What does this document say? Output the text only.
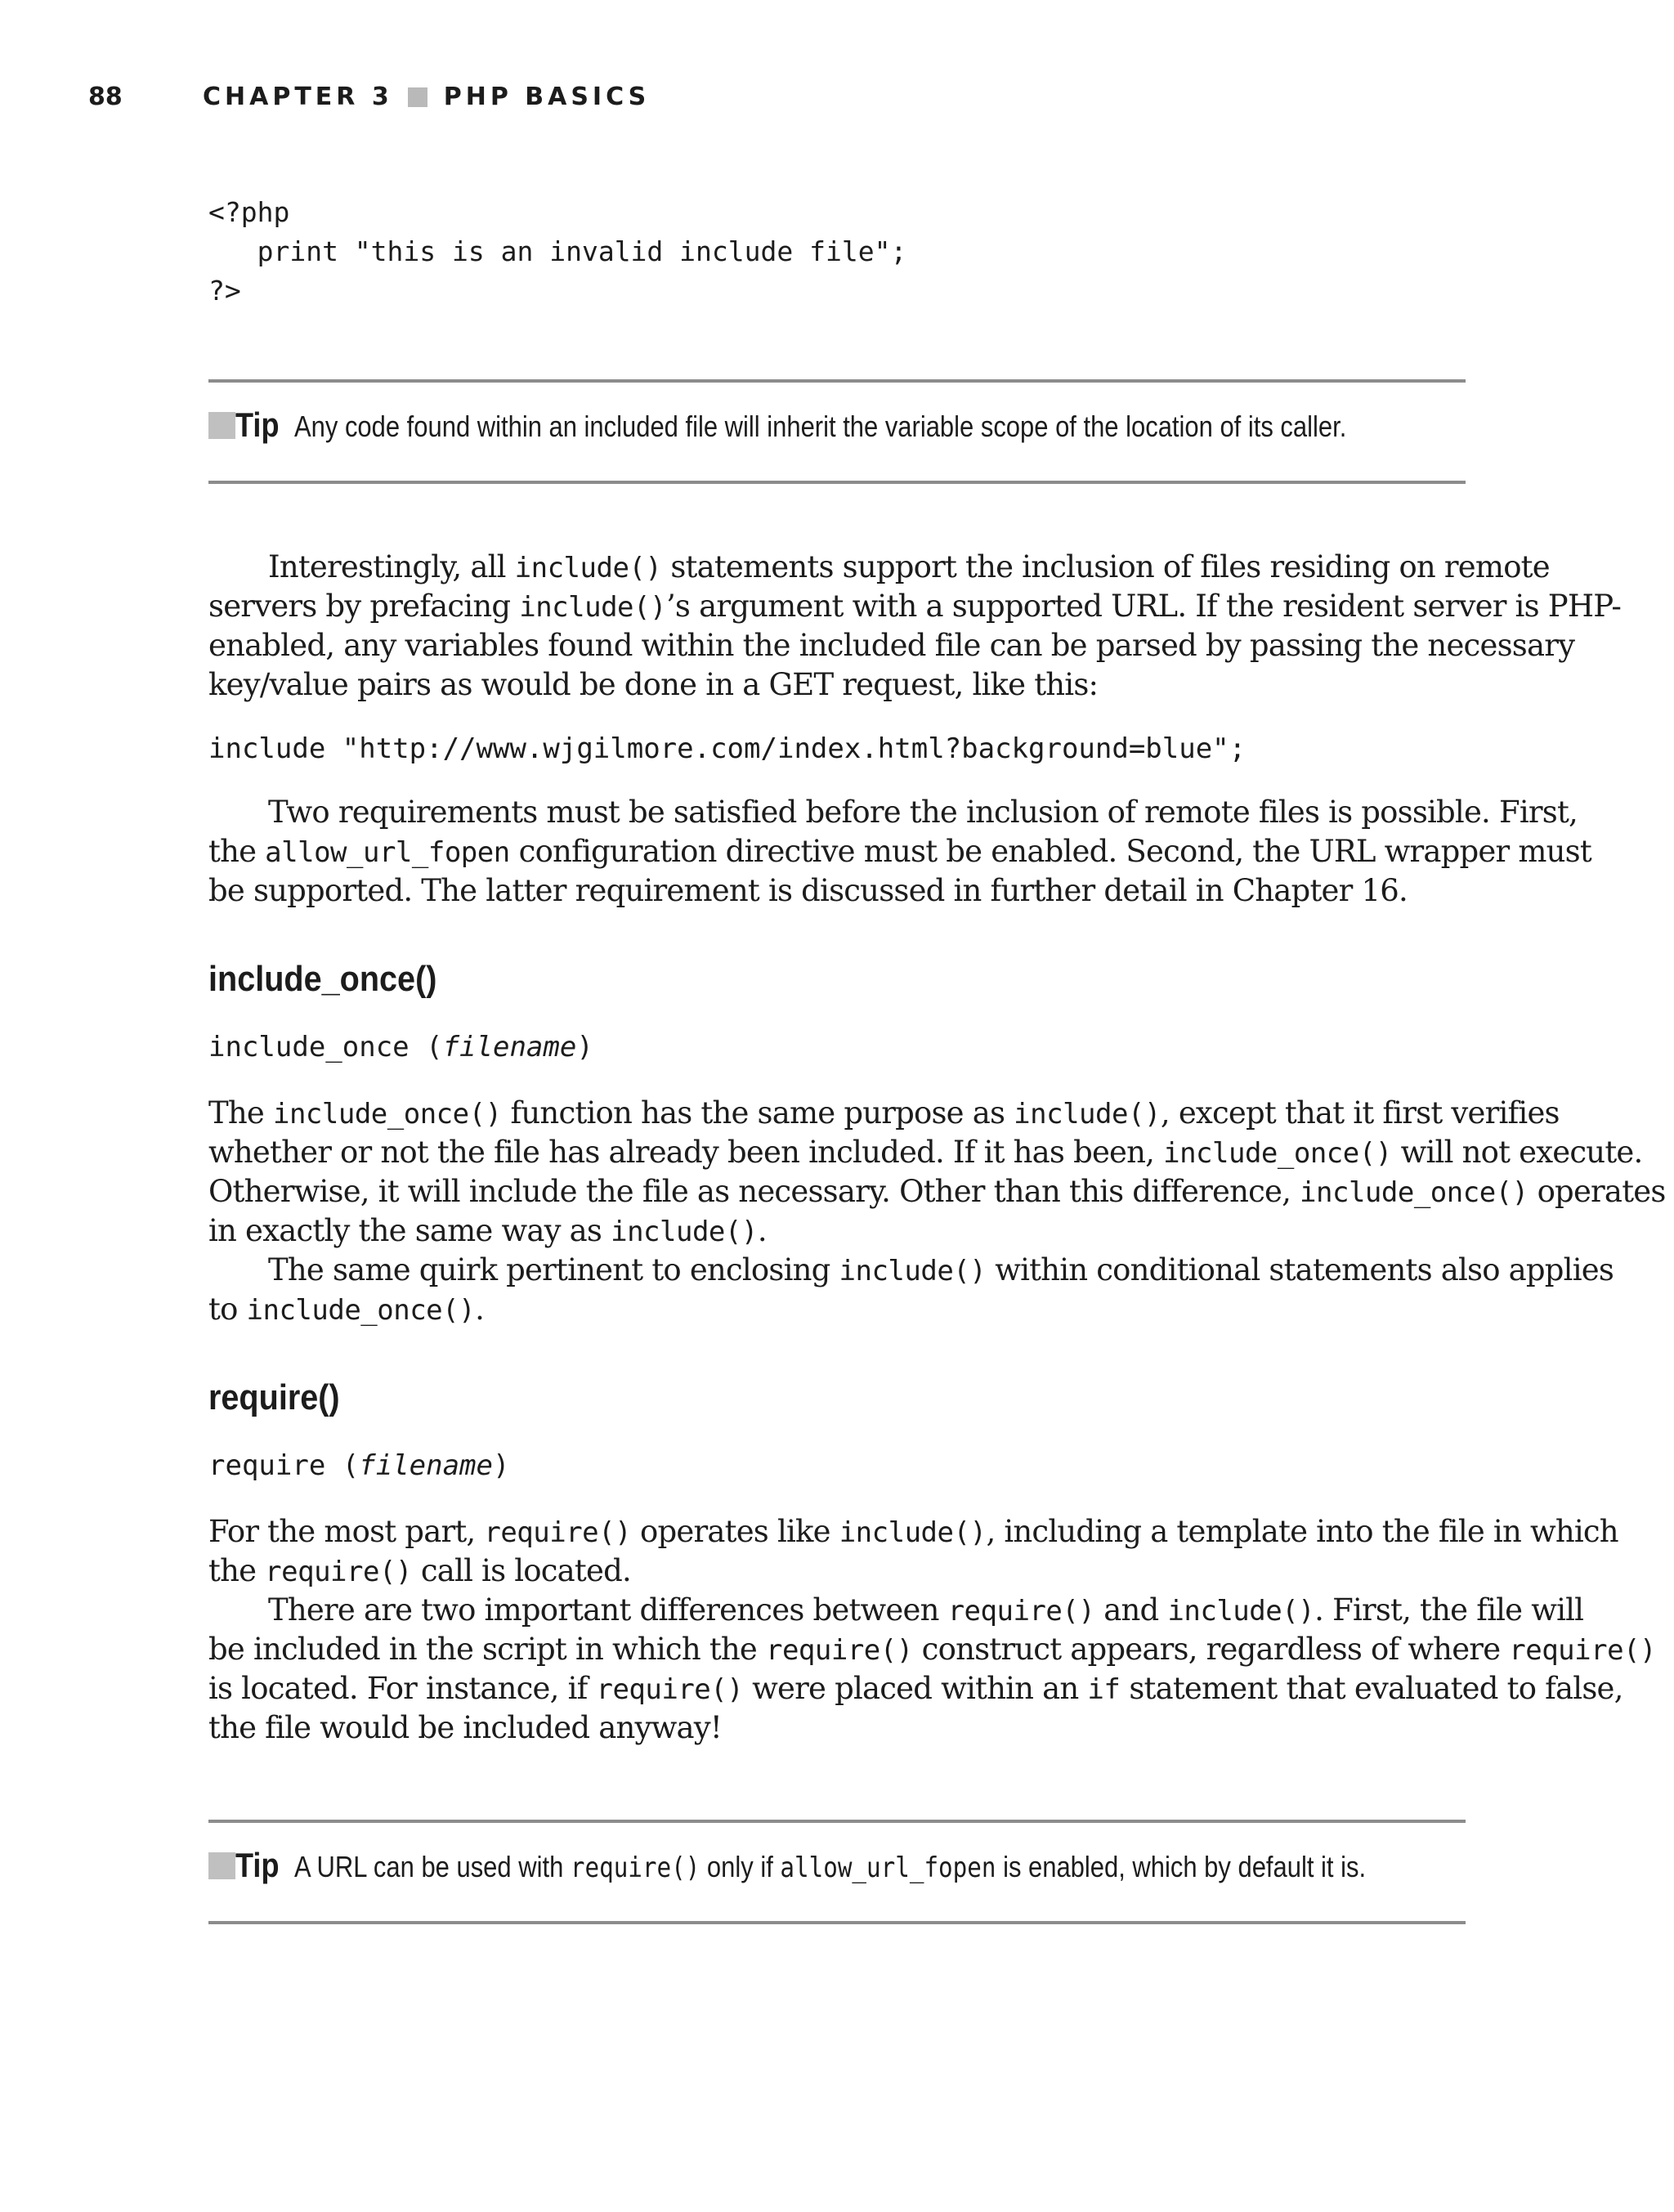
88	CHAPTER 3 PHP BASICS
<?php
print "this is an invalid include file";
?>
Tip Any code found within an included file will inherit the variable scope of the location of its caller.
Interestingly, all include() statements support the inclusion of files residing on remote
servers by prefacing include()’s argument with a supported URL. If the resident server is PHP-
enabled, any variables found within the included file can be parsed by passing the necessary
key/value pairs as would be done in a GET request, like this:
include "http://www.wjgilmore.com/index.html?background=blue";
Two requirements must be satisfied before the inclusion of remote files is possible. First,
the allow_url_fopen configuration directive must be enabled. Second, the URL wrapper must
be supported. The latter requirement is discussed in further detail in Chapter 16.
include_once()
include_once (filename)
The include_once() function has the same purpose as include(), except that it first verifies
whether or not the file has already been included. If it has been, include_once() will not execute.
Otherwise, it will include the file as necessary. Other than this difference, include_once() operates
in exactly the same way as include().
The same quirk pertinent to enclosing include() within conditional statements also applies
to include_once().
require()
require (filename)
For the most part, require() operates like include(), including a template into the file in which
the require() call is located.
There are two important differences between require() and include(). First, the file will
be included in the script in which the require() construct appears, regardless of where require()
is located. For instance, if require() were placed within an if statement that evaluated to false,
the file would be included anyway!
Tip A URL can be used with require() only if allow_url_fopen is enabled, which by default it is.
